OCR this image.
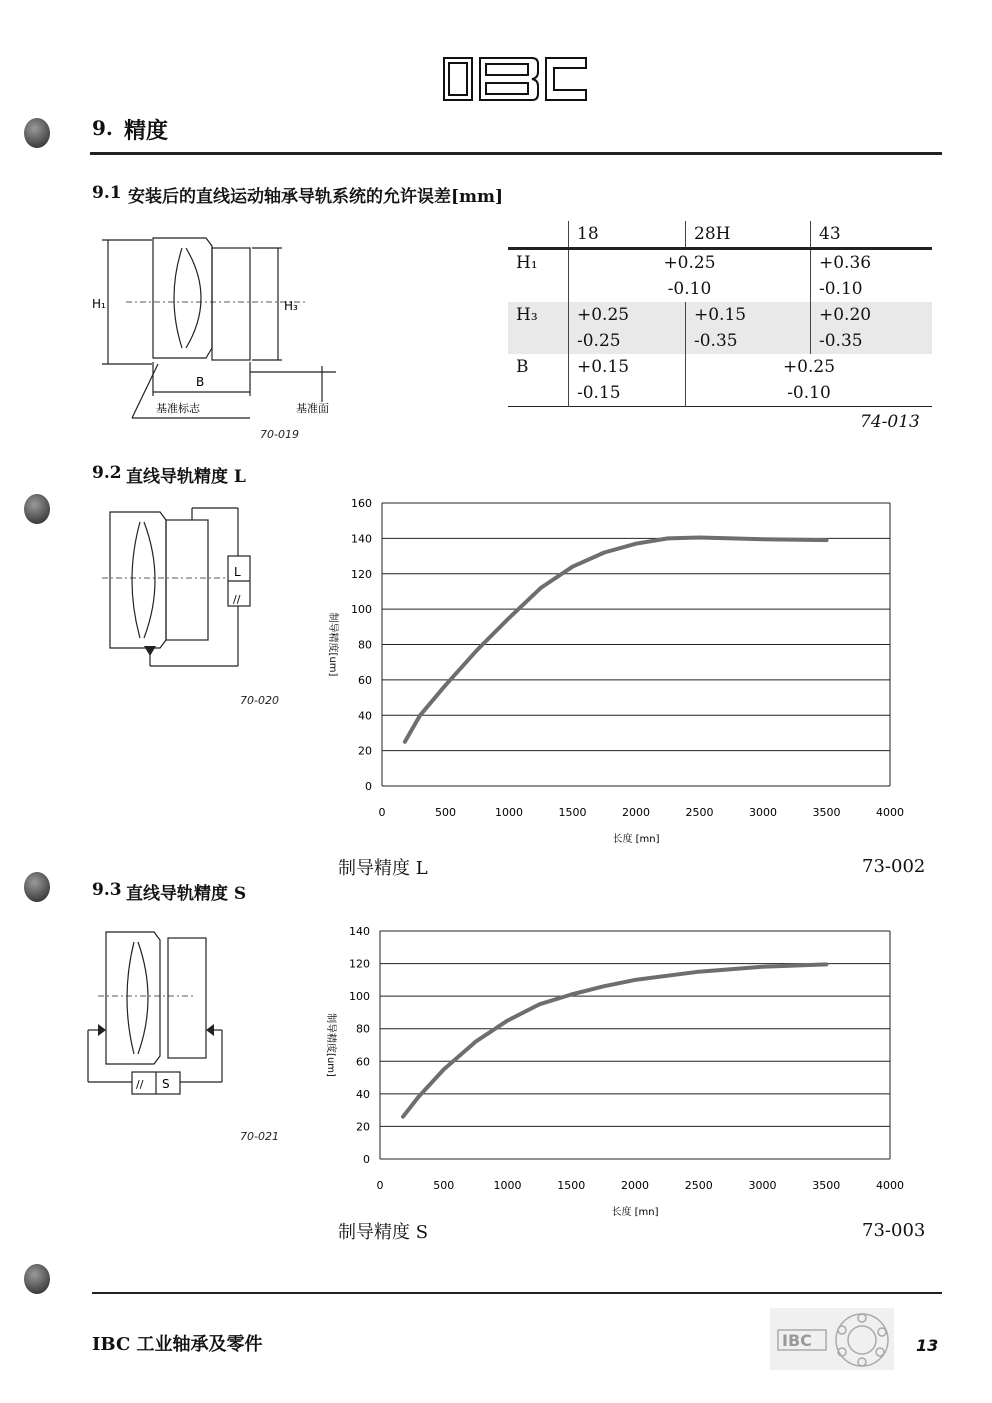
IBC
9. 精度
9.1 安装后的直线运动轴承导轨系统的允许误差[mm]
H₁	H₃
B
基准标志	基准面
70-019
	18	28H	43
H₁	+0.25		+0.36
	-0.10		-0.10
H₃	+0.25	+0.15	+0.20
	-0.25	-0.35	-0.35
B	+0.15	+0.25	
	-0.15	-0.10	
74-013
9.2 直线导轨精度 L
//
L
70-020
0
20
40
60
80
100
120
140
160
0	500	1000	1500	2000	2500	3000	3500	4000
长度 [mn]
制导精度[um]
制导精度 L	73-002
9.3 直线导轨精度 S
// S
70-021
0
20
40
60
80
100
120
140
0	500	1000	1500	2000	2500	3000	3500	4000
长度 [mn]
制导精度[um]
制导精度 S	73-003
IBC 工业轴承及零件	IBC	13
